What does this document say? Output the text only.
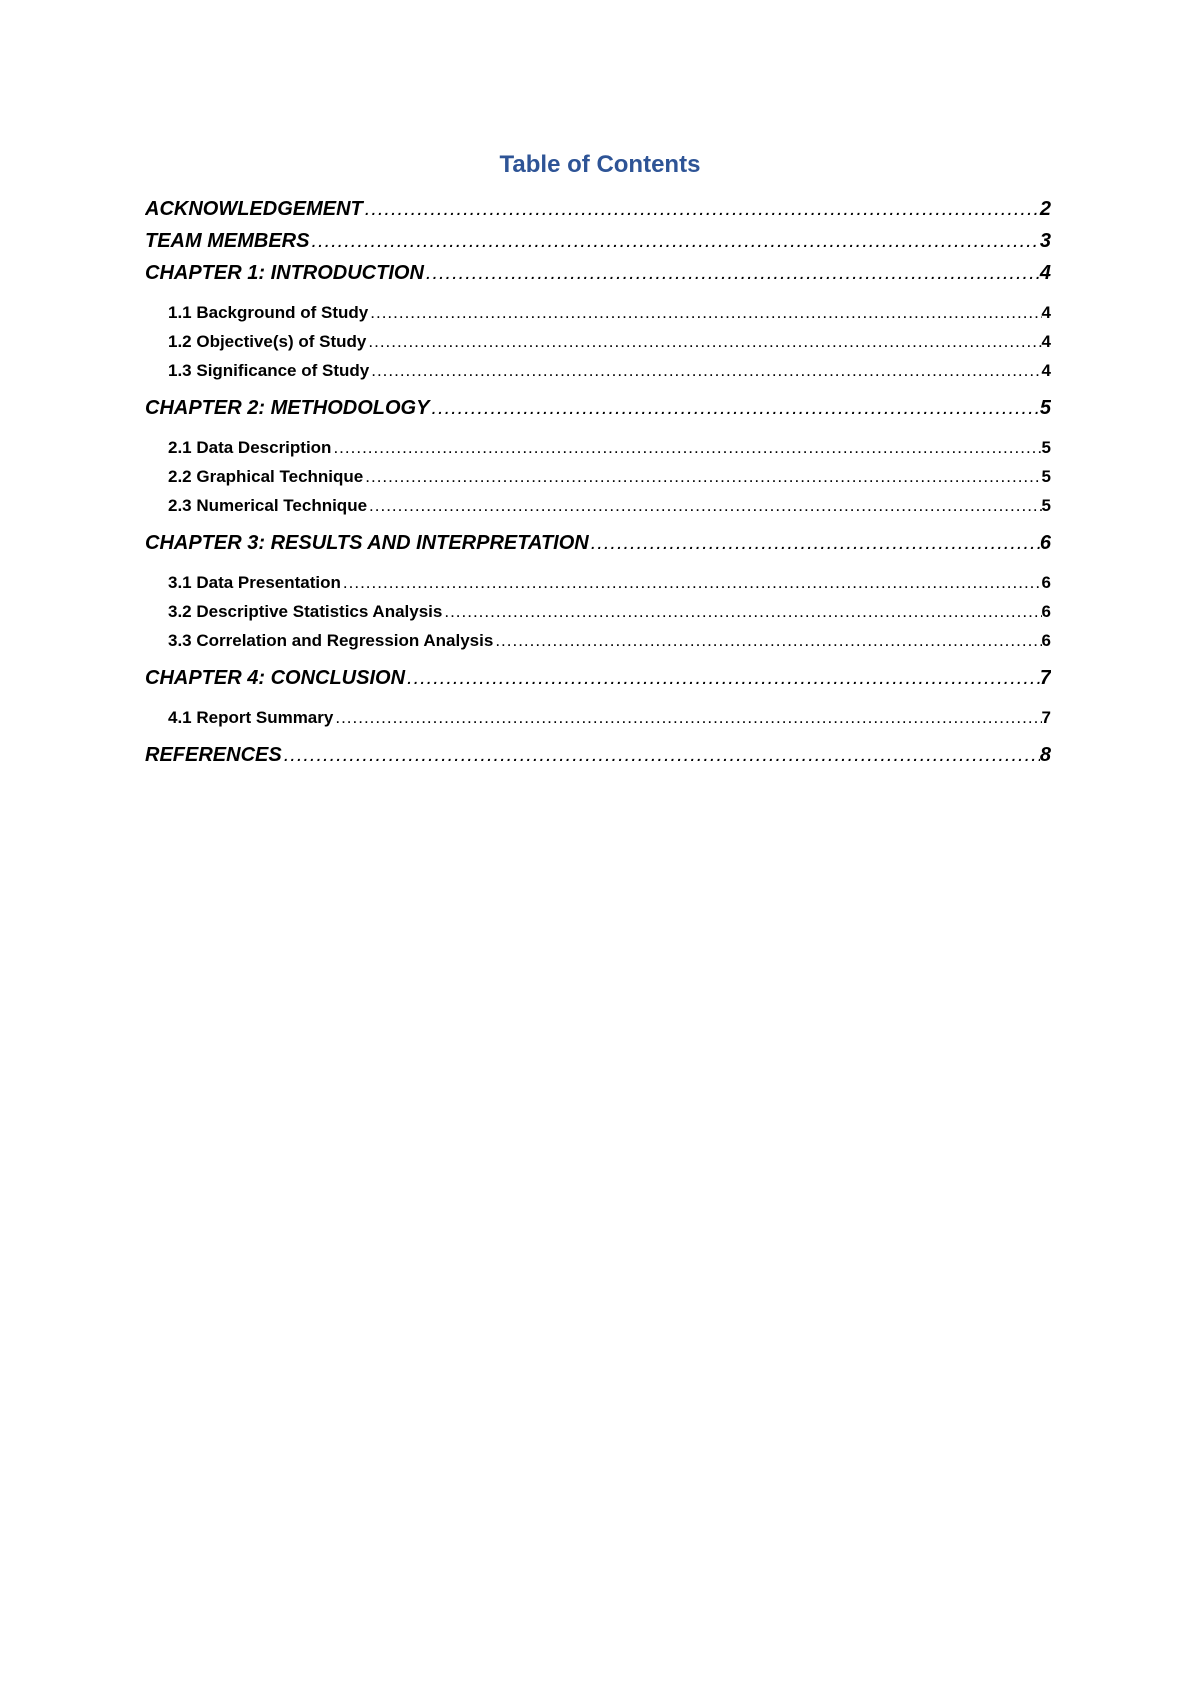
Table of Contents
ACKNOWLEDGEMENT .....	2
TEAM MEMBERS .....	3
CHAPTER 1: INTRODUCTION .....	4
1.1 Background of Study .....	4
1.2 Objective(s) of Study .....	4
1.3 Significance of Study .....	4
CHAPTER 2: METHODOLOGY .....	5
2.1 Data Description .....	5
2.2 Graphical Technique .....	5
2.3 Numerical Technique .....	5
CHAPTER 3: RESULTS AND INTERPRETATION .....	6
3.1 Data Presentation .....	6
3.2 Descriptive Statistics Analysis .....	6
3.3 Correlation and Regression Analysis .....	6
CHAPTER 4: CONCLUSION .....	7
4.1 Report Summary .....	7
REFERENCES .....	8
